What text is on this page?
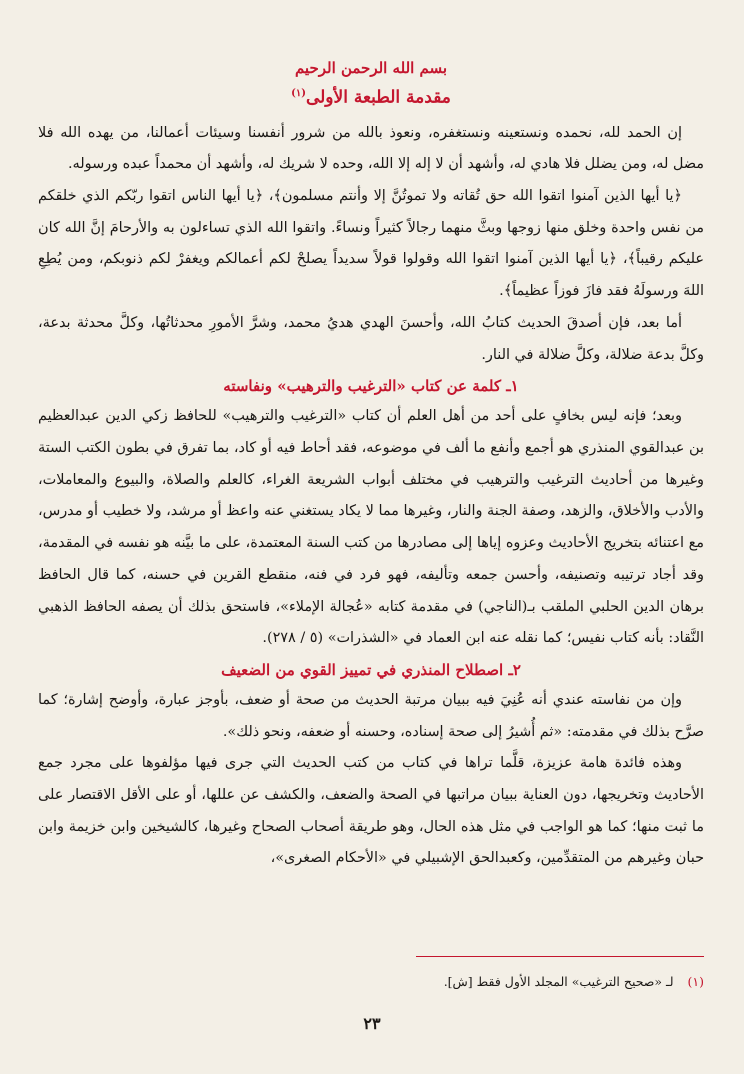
بسم الله الرحمن الرحيم
مقدمة الطبعة الأولى$^{(١)}$

إن الحمد لله، نحمده ونستعينه ونستغفره، ونعوذ بالله من شرور أنفسنا وسيئات أعمالنا، من يهده الله فلا مضل له، ومن يضلل فلا هادي له، وأشهد أن لا إله إلا الله، وحده لا شريك له، وأشهد أن محمداً عبده ورسوله.

﴿يا أيها الذين آمنوا اتقوا الله حق تُقاته ولا تموتُنَّ إلا وأنتم مسلمون﴾، ﴿يا أيها الناس اتقوا ربّكم الذي خلقكم من نفس واحدة وخلق منها زوجها وبثَّ منهما رجالاً كثيراً ونساءً. واتقوا الله الذي تساءلون به والأرحامَ إنَّ الله كان عليكم رقيباً﴾، ﴿يا أيها الذين آمنوا اتقوا الله وقولوا قولاً سديداً يصلحْ لكم أعمالكم ويغفرْ لكم ذنوبكم، ومن يُطِعِ اللهَ ورسولَهُ فقد فازَ فوزاً عظيماً﴾.

أما بعد، فإن أصدقَ الحديث كتابُ الله، وأحسنَ الهدي هديُ محمد، وشرَّ الأمورِ محدثاتُها، وكلَّ محدثة بدعة، وكلَّ بدعة ضلالة، وكلَّ ضلالة في النار.

١ـ كلمة عن كتاب «الترغيب والترهيب» ونفاسته

وبعد؛ فإنه ليس بخافٍ على أحد من أهل العلم أن كتاب «الترغيب والترهيب» للحافظ زكي الدين عبدالعظيم بن عبدالقوي المنذري هو أجمع وأنفع ما ألف في موضوعه، فقد أحاط فيه أو كاد، بما تفرق في بطون الكتب الستة وغيرها من أحاديث الترغيب والترهيب في مختلف أبواب الشريعة الغراء، كالعلم والصلاة، والبيوع والمعاملات، والأدب والأخلاق، والزهد، وصفة الجنة والنار، وغيرها مما لا يكاد يستغني عنه واعظ أو مرشد، ولا خطيب أو مدرس، مع اعتنائه بتخريج الأحاديث وعزوه إياها إلى مصادرها من كتب السنة المعتمدة، على ما بيَّنه هو نفسه في المقدمة، وقد أجاد ترتيبه وتصنيفه، وأحسن جمعه وتأليفه، فهو فرد في فنه، منقطع القرين في حسنه، كما قال الحافظ برهان الدين الحلبي الملقب بـ(الناجي) في مقدمة كتابه «عُجالة الإملاء»، فاستحق بذلك أن يصفه الحافظ الذهبي النَّقاد: بأنه كتاب نفيس؛ كما نقله عنه ابن العماد في «الشذرات» (٥ / ٢٧٨).

٢ـ اصطلاح المنذري في تمييز القوي من الضعيف

وإن من نفاسته عندي أنه عُنِيَ فيه ببيان مرتبة الحديث من صحة أو ضعف، بأوجز عبارة، وأوضح إشارة؛ كما صرَّح بذلك في مقدمته: «ثم أُشيرُ إلى صحة إسناده، وحسنه أو ضعفه، ونحو ذلك».

وهذه فائدة هامة عزيزة، قلَّما تراها في كتاب من كتب الحديث التي جرى فيها مؤلفوها على مجرد جمع الأحاديث وتخريجها، دون العناية ببيان مراتبها في الصحة والضعف، والكشف عن عللها، أو على الأقل الاقتصار على ما ثبت منها؛ كما هو الواجب في مثل هذه الحال، وهو طريقة أصحاب الصحاح وغيرها، كالشيخين وابن خزيمة وابن حبان وغيرهم من المتقدِّمين، وكعبدالحق الإشبيلي في «الأحكام الصغرى»،

(١)لـ «صحيح الترغيب» المجلد الأول فقط [ش].
٢٣
